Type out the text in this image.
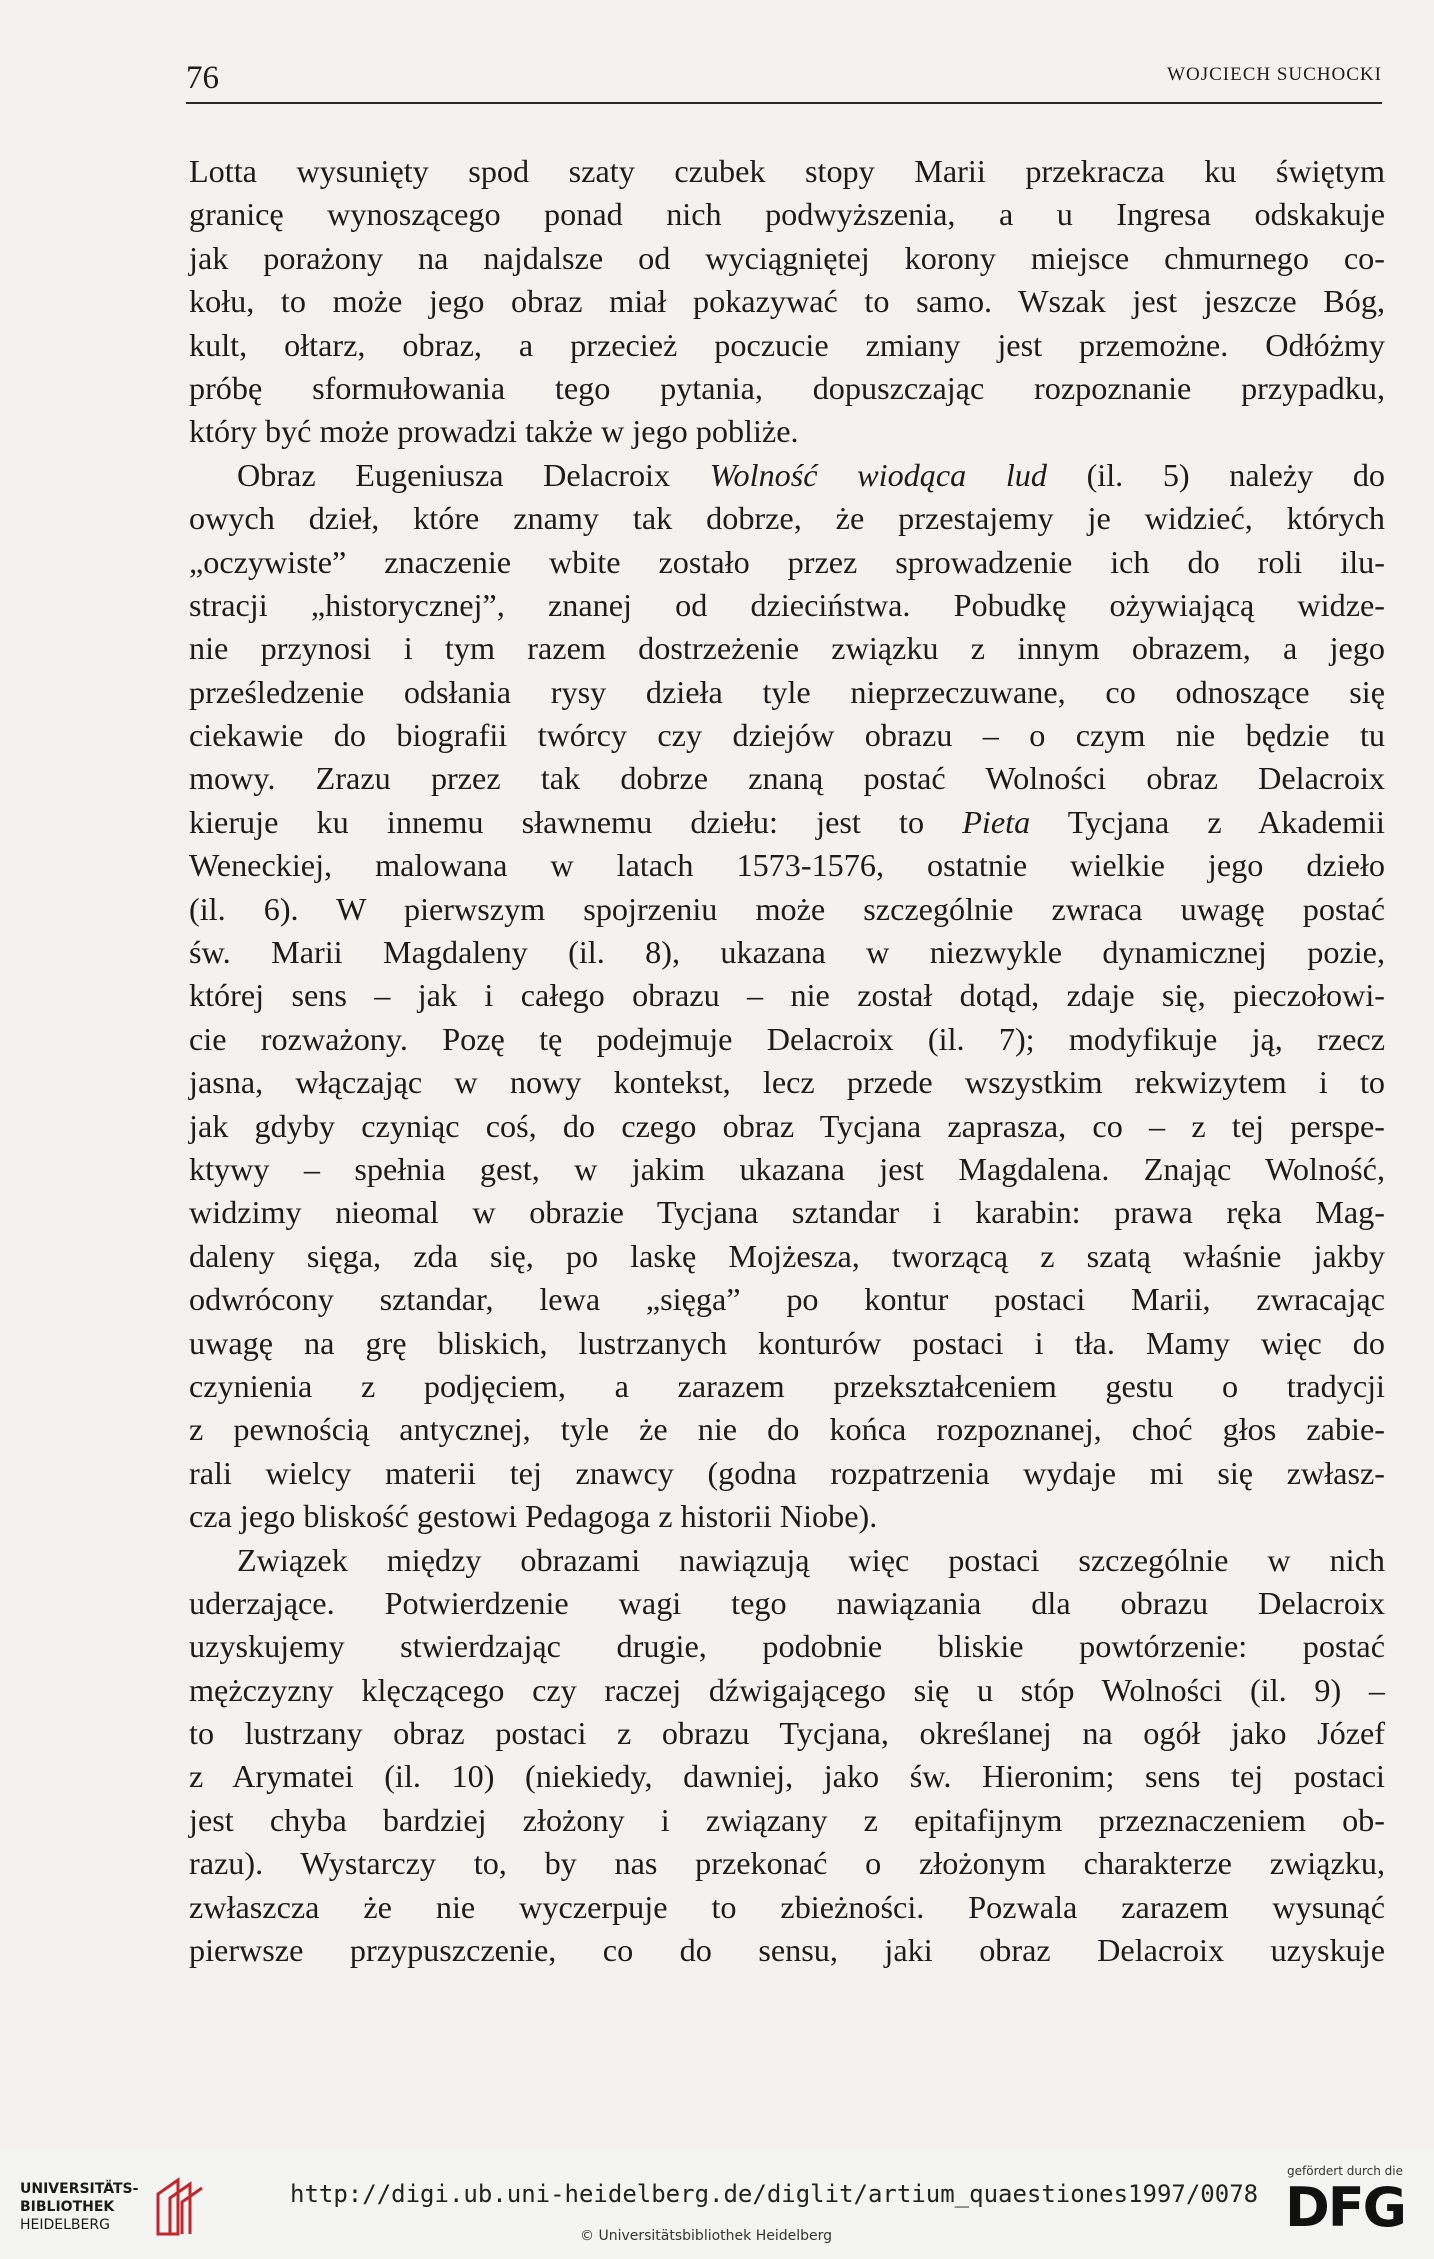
76	WOJCIECH SUCHOCKI
Lotta wysunięty spod szaty czubek stopy Marii przekracza ku świętym
granicę wynoszącego ponad nich podwyższenia, a u Ingresa odskakuje
jak porażony na najdalsze od wyciągniętej korony miejsce chmurnego co-
kołu, to może jego obraz miał pokazywać to samo. Wszak jest jeszcze Bóg,
kult, ołtarz, obraz, a przecież poczucie zmiany jest przemożne. Odłóżmy
próbę sformułowania tego pytania, dopuszczając rozpoznanie przypadku,
który być może prowadzi także w jego pobliże.
Obraz Eugeniusza Delacroix Wolność wiodąca lud (il. 5) należy do
owych dzieł, które znamy tak dobrze, że przestajemy je widzieć, których
„oczywiste” znaczenie wbite zostało przez sprowadzenie ich do roli ilu-
stracji „historycznej”, znanej od dzieciństwa. Pobudkę ożywiającą widze-
nie przynosi i tym razem dostrzeżenie związku z innym obrazem, a jego
prześledzenie odsłania rysy dzieła tyle nieprzeczuwane, co odnoszące się
ciekawie do biografii twórcy czy dziejów obrazu – o czym nie będzie tu
mowy. Zrazu przez tak dobrze znaną postać Wolności obraz Delacroix
kieruje ku innemu sławnemu dziełu: jest to Pieta Tycjana z Akademii
Weneckiej, malowana w latach 1573-1576, ostatnie wielkie jego dzieło
(il. 6). W pierwszym spojrzeniu może szczególnie zwraca uwagę postać
św. Marii Magdaleny (il. 8), ukazana w niezwykle dynamicznej pozie,
której sens – jak i całego obrazu – nie został dotąd, zdaje się, pieczołowi-
cie rozważony. Pozę tę podejmuje Delacroix (il. 7); modyfikuje ją, rzecz
jasna, włączając w nowy kontekst, lecz przede wszystkim rekwizytem i to
jak gdyby czyniąc coś, do czego obraz Tycjana zaprasza, co – z tej perspe-
ktywy – spełnia gest, w jakim ukazana jest Magdalena. Znając Wolność,
widzimy nieomal w obrazie Tycjana sztandar i karabin: prawa ręka Mag-
daleny sięga, zda się, po laskę Mojżesza, tworzącą z szatą właśnie jakby
odwrócony sztandar, lewa „sięga” po kontur postaci Marii, zwracając
uwagę na grę bliskich, lustrzanych konturów postaci i tła. Mamy więc do
czynienia z podjęciem, a zarazem przekształceniem gestu o tradycji
z pewnością antycznej, tyle że nie do końca rozpoznanej, choć głos zabie-
rali wielcy materii tej znawcy (godna rozpatrzenia wydaje mi się zwłasz-
cza jego bliskość gestowi Pedagoga z historii Niobe).
Związek między obrazami nawiązują więc postaci szczególnie w nich
uderzające. Potwierdzenie wagi tego nawiązania dla obrazu Delacroix
uzyskujemy stwierdzając drugie, podobnie bliskie powtórzenie: postać
mężczyzny klęczącego czy raczej dźwigającego się u stóp Wolności (il. 9) –
to lustrzany obraz postaci z obrazu Tycjana, określanej na ogół jako Józef
z Arymatei (il. 10) (niekiedy, dawniej, jako św. Hieronim; sens tej postaci
jest chyba bardziej złożony i związany z epitafijnym przeznaczeniem ob-
razu). Wystarczy to, by nas przekonać o złożonym charakterze związku,
zwłaszcza że nie wyczerpuje to zbieżności. Pozwala zarazem wysunąć
pierwsze przypuszczenie, co do sensu, jaki obraz Delacroix uzyskuje
UNIVERSITÄTS-
BIBLIOTHEK
HEIDELBERG
http://digi.ub.uni-heidelberg.de/diglit/artium_quaestiones1997/0078
© Universitätsbibliothek Heidelberg
gefördert durch die
DFG
